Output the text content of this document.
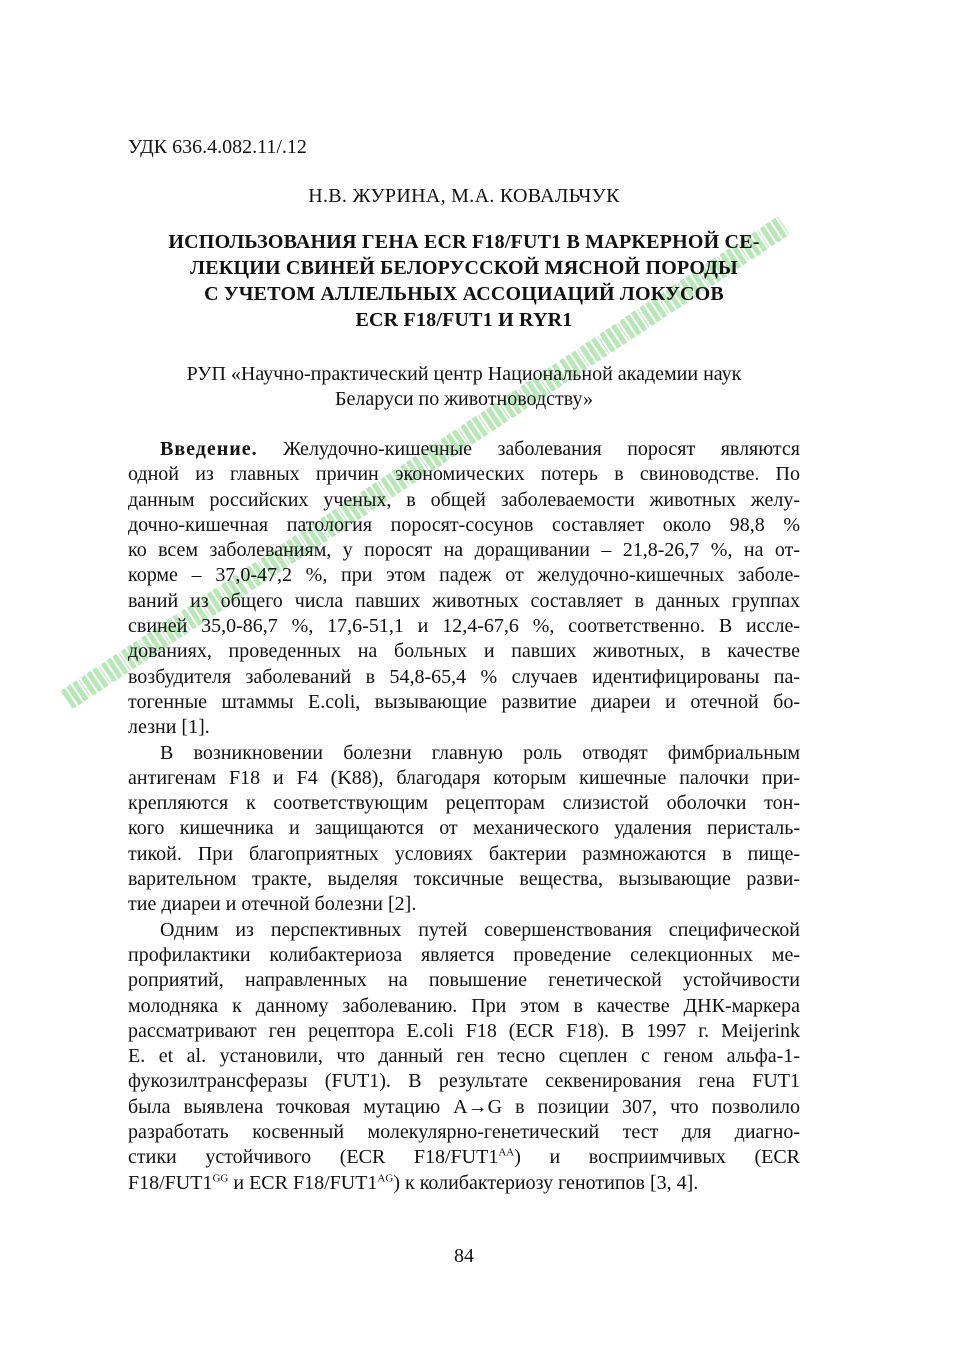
УДК 636.4.082.11/.12
Н.В. ЖУРИНА, М.А. КОВАЛЬЧУК
ИСПОЛЬЗОВАНИЯ ГЕНА ECR F18/FUT1 В МАРКЕРНОЙ СЕ-
ЛЕКЦИИ СВИНЕЙ БЕЛОРУССКОЙ МЯСНОЙ ПОРОДЫ
С УЧЕТОМ АЛЛЕЛЬНЫХ АССОЦИАЦИЙ ЛОКУСОВ
ECR F18/FUT1 И RYR1
РУП «Научно-практический центр Национальной академии наук
Беларуси по животноводству»
Введение. Желудочно-кишечные заболевания поросят являются
одной из главных причин экономических потерь в свиноводстве. По
данным российских ученых, в общей заболеваемости животных желу-
дочно-кишечная патология поросят-сосунов составляет около 98,8 %
ко всем заболеваниям, у поросят на доращивании – 21,8-26,7 %, на от-
корме – 37,0-47,2 %, при этом падеж от желудочно-кишечных заболе-
ваний из общего числа павших животных составляет в данных группах
свиней 35,0-86,7 %, 17,6-51,1 и 12,4-67,6 %, соответственно. В иссле-
дованиях, проведенных на больных и павших животных, в качестве
возбудителя заболеваний в 54,8-65,4 % случаев идентифицированы па-
тогенные штаммы E.coli, вызывающие развитие диареи и отечной бо-
лезни [1].
В возникновении болезни главную роль отводят фимбриальным
антигенам F18 и F4 (K88), благодаря которым кишечные палочки при-
крепляются к соответствующим рецепторам слизистой оболочки тон-
кого кишечника и защищаются от механического удаления перисталь-
тикой. При благоприятных условиях бактерии размножаются в пище-
варительном тракте, выделяя токсичные вещества, вызывающие разви-
тие диареи и отечной болезни [2].
Одним из перспективных путей совершенствования специфической
профилактики колибактериоза является проведение селекционных ме-
роприятий, направленных на повышение генетической устойчивости
молодняка к данному заболеванию. При этом в качестве ДНК-маркера
рассматривают ген рецептора E.coli F18 (ECR F18). В 1997 г. Meijerink
E. et al. установили, что данный ген тесно сцеплен с геном альфа-1-
фукозилтрансферазы (FUT1). В результате секвенирования гена FUT1
была выявлена точковая мутацию A→G в позиции 307, что позволило
разработать косвенный молекулярно-генетический тест для диагно-
стики устойчивого (ECR $F18/FUT1^{AA}$) и восприимчивых (ECR
$F18/FUT1^{GG}$ и ECR $F18/FUT1^{AG}$) к колибактериозу генотипов [3, 4].
84
